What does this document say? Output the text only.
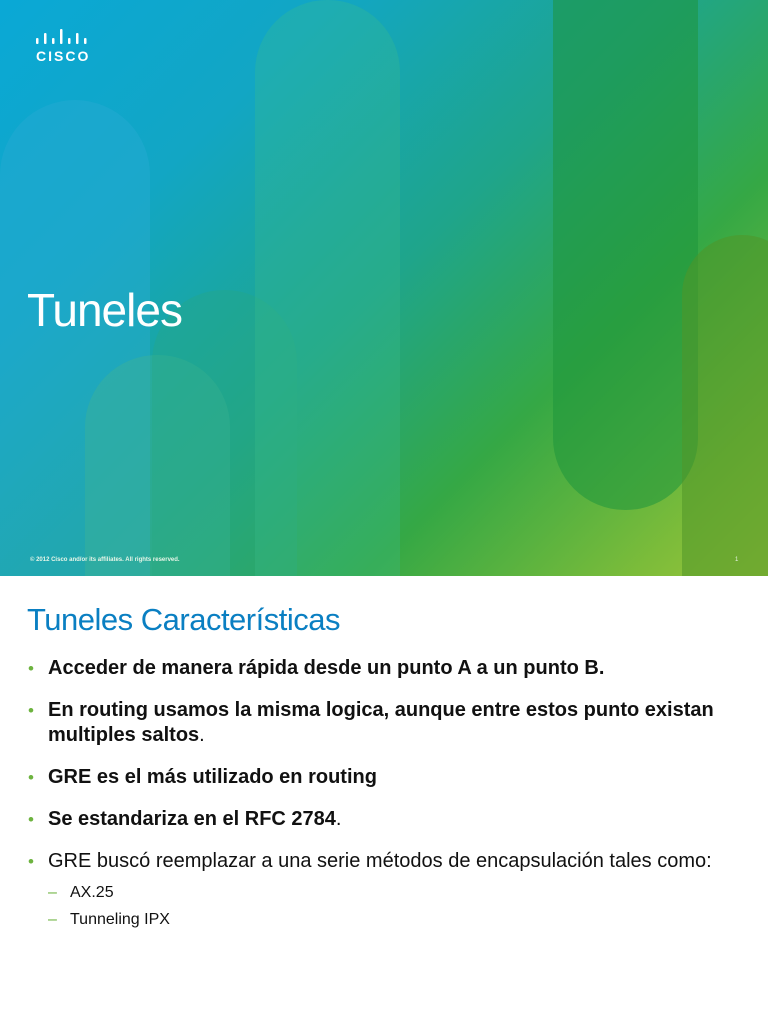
CISCO
Tuneles
© 2012 Cisco and/or its affiliates. All rights reserved.	1
Tuneles Características
• Acceder de manera rápida desde un punto A a un punto B.
• En routing usamos la misma logica, aunque entre estos punto existan multiples saltos.
• GRE es el más utilizado en routing
• Se estandariza en el RFC 2784.
• GRE buscó reemplazar a una serie métodos de encapsulación tales como:
– AX.25
– Tunneling IPX
